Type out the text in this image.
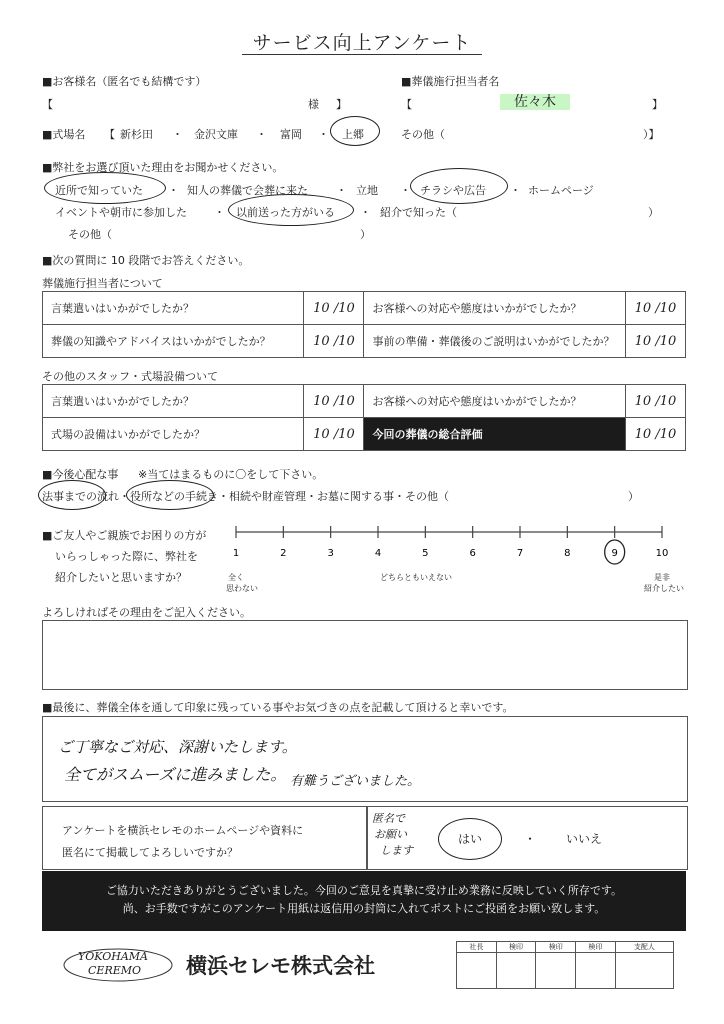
サービス向上アンケート
■お客様名（匿名でも結構です）
【	様 】
■葬儀施行担当者名
【	佐々木	】
■式場名 【 新杉田 ・ 金沢文庫 ・ 富岡 ・ 上郷	その他（	）】
■弊社をお選び頂いた理由をお聞かせください。
近所で知っていた ・ 知人の葬儀で会葬に来た	・ 立地 ・ チラシや広告 ・ ホームページ
イベントや朝市に参加した ・ 以前送った方がいる ・ 紹介で知った（	）
その他（	）
■次の質問に 10 段階でお答えください。
葬儀施行担当者について
言葉遣いはいかがでしたか？	10 /10	お客様への対応や態度はいかがでしたか？	10 /10
葬儀の知識やアドバイスはいかがでしたか？	10 /10	事前の準備・葬儀後のご説明はいかがでしたか？	10 /10
その他のスタッフ・式場設備ついて
言葉遣いはいかがでしたか？	10 /10	お客様への対応や態度はいかがでしたか？	10 /10
式場の設備はいかがでしたか？	10 /10	今回の葬儀の総合評価	10 /10
■今後心配な事 ※当てはまるものに〇をして下さい。
法事までの流れ・役所などの手続き・相続や財産管理・お墓に関する事・その他（	）
■ご友人やご親族でお困りの方が
いらっしゃった際に、弊社を
紹介したいと思いますか？
1	2	3	4	5	6	7	8	9	10
全く
思わない
どちらともいえない	是非
紹介したい
よろしければその理由をご記入ください。
■最後に、葬儀全体を通して印象に残っている事やお気づきの点を記載して頂けると幸いです。
ご丁寧なご対応、深謝いたします。
全てがスムーズに進みました。 有難うございました。
アンケートを横浜セレモのホームページや資料に
匿名にて掲載してよろしいですか？
匿名で
お願い
します
はい	・ いいえ
ご協力いただきありがとうございました。今回のご意見を真摯に受け止め業務に反映していく所存です。
尚、お手数ですがこのアンケート用紙は返信用の封筒に入れてポストにご投函をお願い致します。
YOKOHAMA
CEREMO 横浜セレモ株式会社
社長	検印	検印	検印	支配人
